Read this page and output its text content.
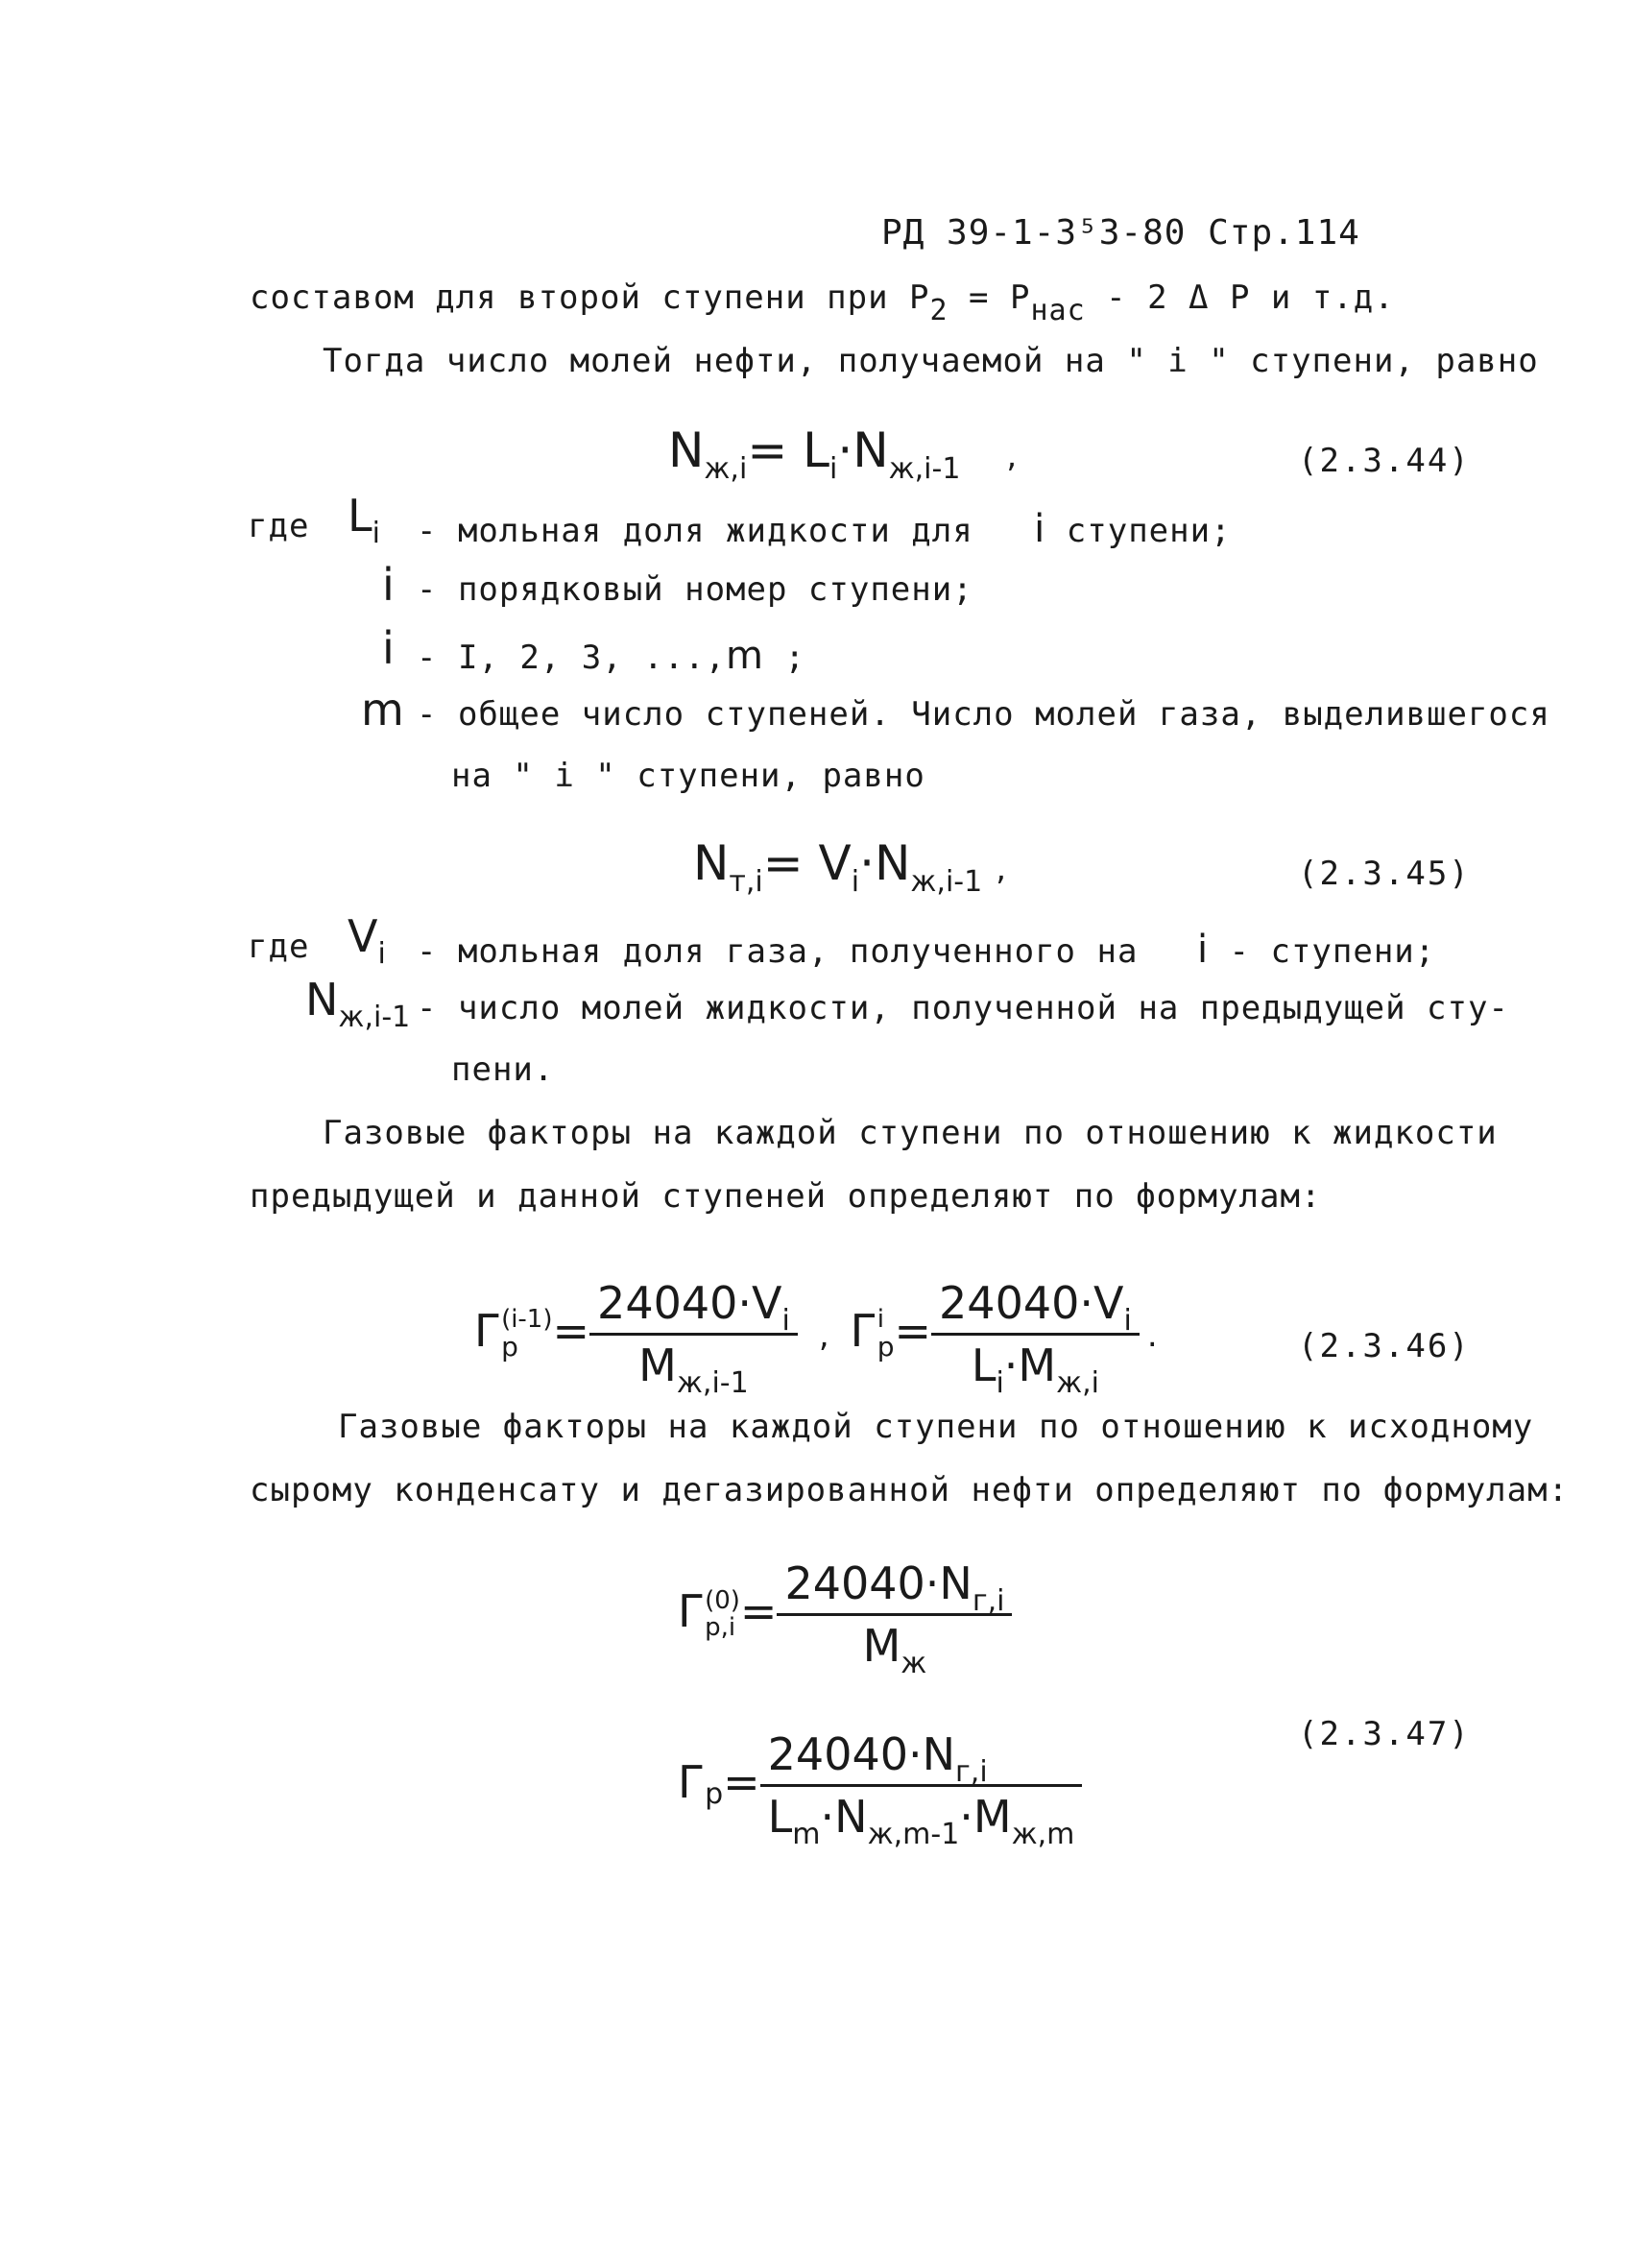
РД 39-1-3⁵3-80 Стр.114
составом для второй ступени при P2 = Pнас - 2 Δ P и т.д.
Тогда число молей нефти, получаемой на " i " ступени, равно
$N_{ж,i}= L_i\cdot N_{ж,i-1}$ ,	(2.3.44)
где $L_i$ - мольная доля жидкости для i ступени;
i - порядковый номер ступени;
i - I, 2, 3, ...,m ;
m - общее число ступеней. Число молей газа, выделившегося
на " i " ступени, равно
$N_{т,i}= V_i\cdot N_{ж,i-1}$ ,	(2.3.45)
где $V_i$ - мольная доля газа, полученного на i - ступени;
$N_{ж,i-1}$ - число молей жидкости, полученной на предыдущей сту-
пени.
Газовые факторы на каждой ступени по отношению к жидкости
предыдущей и данной ступеней определяют по формулам:
Г (i-1)
$р = \frac{24040\cdot V_i}{M_{ж,i-1}}$ , Г i
$р = \frac{24040\cdot V_i}{L_i\cdot M_{ж,i}}$ .	(2.3.46)
Газовые факторы на каждой ступени по отношению к исходному
сырому конденсату и дегазированной нефти определяют по формулам:
Г (0)
$р,i = \frac{24040\cdot N_{г,i}}{M_ж}$
$Гр= \frac{24040\cdot N_{г,i}}{L_m\cdot N_{ж,m-1}\cdot M_{ж,m}}$	(2.3.47)
